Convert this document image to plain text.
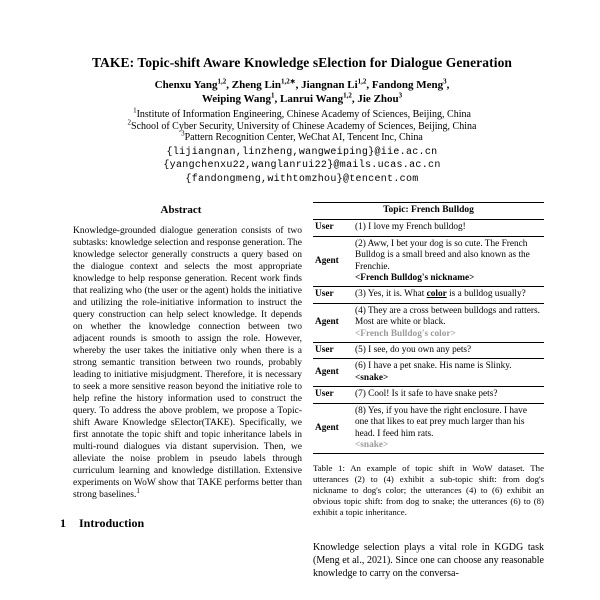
TAKE: Topic-shift Aware Knowledge sElection for Dialogue Generation
Chenxu Yang$^{1,2}$, Zheng Lin$^{1,2∗}$, Jiangnan Li$^{1,2}$, Fandong Meng$^3$,
Weiping Wang$^1$, Lanrui Wang$^{1,2}$, Jie Zhou$^3$
$^1$Institute of Information Engineering, Chinese Academy of Sciences, Beijing, China
$^2$School of Cyber Security, University of Chinese Academy of Sciences, Beijing, China
$^3$Pattern Recognition Center, WeChat AI, Tencent Inc, China
{lijiangnan,linzheng,wangweiping}@iie.ac.cn
{yangchenxu22,wanglanrui22}@mails.ucas.ac.cn
{fandongmeng,withtomzhou}@tencent.com
Abstract

Knowledge-grounded dialogue generation consists of two subtasks: knowledge selection and response generation. The knowledge selector generally constructs a query based on the dialogue context and selects the most appropriate knowledge to help response generation. Recent work finds that realizing who (the user or the agent) holds the initiative and utilizing the role-initiative information to instruct the query construction can help select knowledge. It depends on whether the knowledge connection between two adjacent rounds is smooth to assign the role. However, whereby the user takes the initiative only when there is a strong semantic transition between two rounds, probably leading to initiative misjudgment. Therefore, it is necessary to seek a more sensitive reason beyond the initiative role to help refine the history information used to construct the query. To address the above problem, we propose a Topic-shift Aware Knowledge sElector(TAKE). Specifically, we first annotate the topic shift and topic inheritance labels in multi-round dialogues via distant supervision. Then, we alleviate the noise problem in pseudo labels through curriculum learning and knowledge distillation. Extensive experiments on WoW show that TAKE performs better than strong baselines.$^1$

1 Introduction
Topic: French Bulldog	
User	(1) I love my French bulldog!
Agent	(2) Aww, I bet your dog is so cute. The French Bulldog is a small breed and also known as the Frenchie.
<French Bulldog's nickname>

User	(3) Yes, it is. What color is a bulldog usually?
Agent	(4) They are a cross between bulldogs and ratters. Most are white or black.
<French Bulldog's color>

User	(5) I see, do you own any pets?
Agent	(6) I have a pet snake. His name is Slinky.
<snake>

User	(7) Cool! Is it safe to have snake pets?
Agent	(8) Yes, if you have the right enclosure. I have one that likes to eat prey much larger than his head. I feed him rats.
<snake>

Table 1: An example of topic shift in WoW dataset. The utterances (2) to (4) exhibit a sub-topic shift: from dog's nickname to dog's color; the utterances (4) to (6) exhibit an obvious topic shift: from dog to snake; the utterances (6) to (8) exhibit a topic inheritance.

Knowledge selection plays a vital role in KGDG task (Meng et al., 2021). Since one can choose any reasonable knowledge to carry on the conversa-
